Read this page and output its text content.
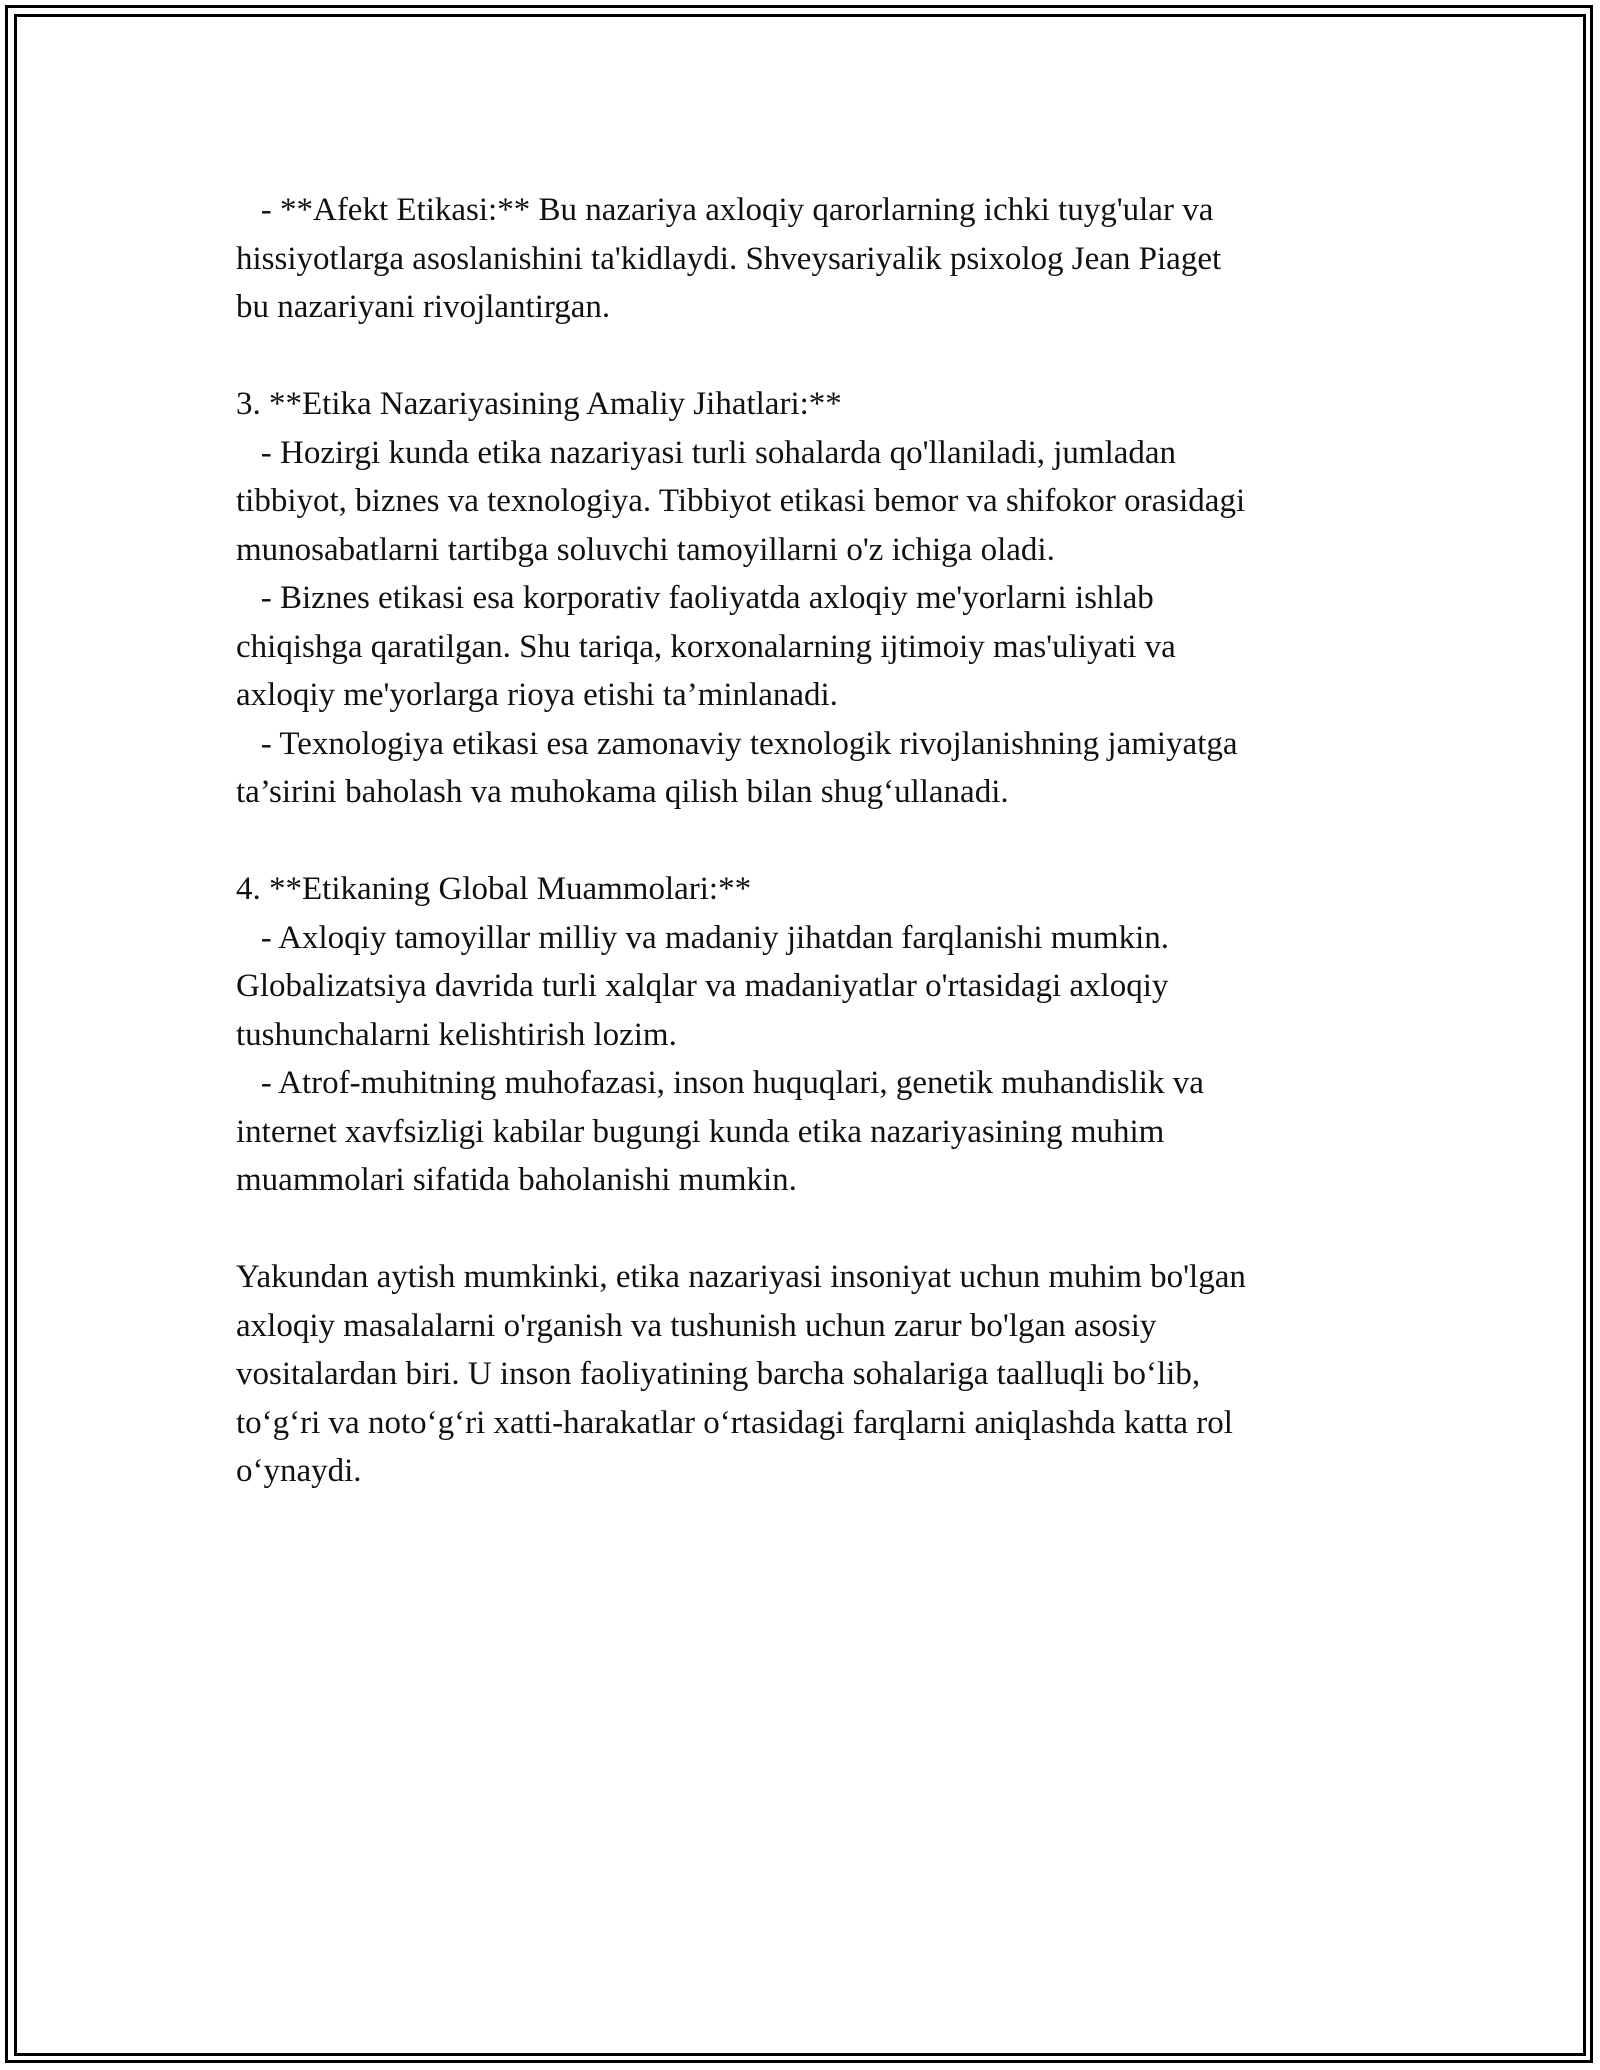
- **Afekt Etikasi:** Bu nazariya axloqiy qarorlarning ichki tuyg'ular va
hissiyotlarga asoslanishini ta'kidlaydi. Shveysariyalik psixolog Jean Piaget
bu nazariyani rivojlantirgan.
3. **Etika Nazariyasining Amaliy Jihatlari:**
- Hozirgi kunda etika nazariyasi turli sohalarda qo'llaniladi, jumladan
tibbiyot, biznes va texnologiya. Tibbiyot etikasi bemor va shifokor orasidagi
munosabatlarni tartibga soluvchi tamoyillarni o'z ichiga oladi.
- Biznes etikasi esa korporativ faoliyatda axloqiy me'yorlarni ishlab
chiqishga qaratilgan. Shu tariqa, korxonalarning ijtimoiy mas'uliyati va
axloqiy me'yorlarga rioya etishi ta’minlanadi.
- Texnologiya etikasi esa zamonaviy texnologik rivojlanishning jamiyatga
ta’sirini baholash va muhokama qilish bilan shug‘ullanadi.
4. **Etikaning Global Muammolari:**
- Axloqiy tamoyillar milliy va madaniy jihatdan farqlanishi mumkin.
Globalizatsiya davrida turli xalqlar va madaniyatlar o'rtasidagi axloqiy
tushunchalarni kelishtirish lozim.
- Atrof-muhitning muhofazasi, inson huquqlari, genetik muhandislik va
internet xavfsizligi kabilar bugungi kunda etika nazariyasining muhim
muammolari sifatida baholanishi mumkin.
Yakundan aytish mumkinki, etika nazariyasi insoniyat uchun muhim bo'lgan
axloqiy masalalarni o'rganish va tushunish uchun zarur bo'lgan asosiy
vositalardan biri. U inson faoliyatining barcha sohalariga taalluqli bo‘lib,
to‘g‘ri va noto‘g‘ri xatti-harakatlar o‘rtasidagi farqlarni aniqlashda katta rol
o‘ynaydi.
